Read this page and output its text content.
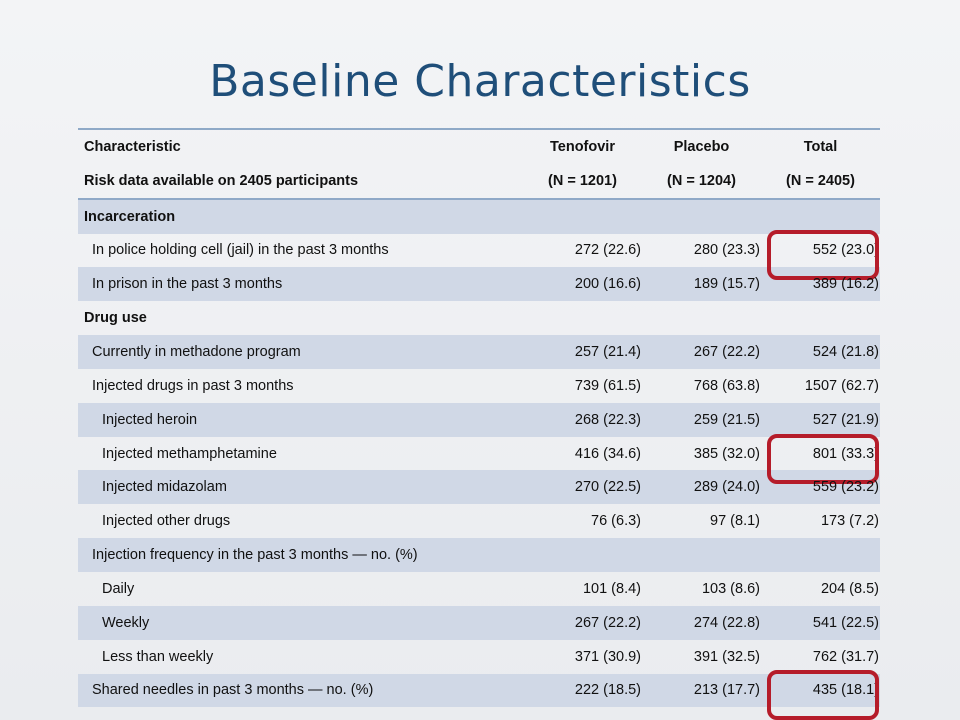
Baseline Characteristics
Characteristic	Tenofovir	Placebo	Total
Risk data available on 2405 participants	(N = 1201)	(N = 1204)	(N = 2405)
Incarceration
In police holding cell (jail) in the past 3 months	272 (22.6)	280 (23.3)	552 (23.0)
In prison in the past 3 months	200 (16.6)	189 (15.7)	389 (16.2)
Drug use
Currently in methadone program	257 (21.4)	267 (22.2)	524 (21.8)
Injected drugs in past 3 months	739 (61.5)	768 (63.8)	1507 (62.7)
Injected heroin	268 (22.3)	259 (21.5)	527 (21.9)
Injected methamphetamine	416 (34.6)	385 (32.0)	801 (33.3)
Injected midazolam	270 (22.5)	289 (24.0)	559 (23.2)
Injected other drugs	76 (6.3)	97 (8.1)	173 (7.2)
Injection frequency in the past 3 months — no. (%)
Daily	101 (8.4)	103 (8.6)	204 (8.5)
Weekly	267 (22.2)	274 (22.8)	541 (22.5)
Less than weekly	371 (30.9)	391 (32.5)	762 (31.7)
Shared needles in past 3 months — no. (%)	222 (18.5)	213 (17.7)	435 (18.1)
